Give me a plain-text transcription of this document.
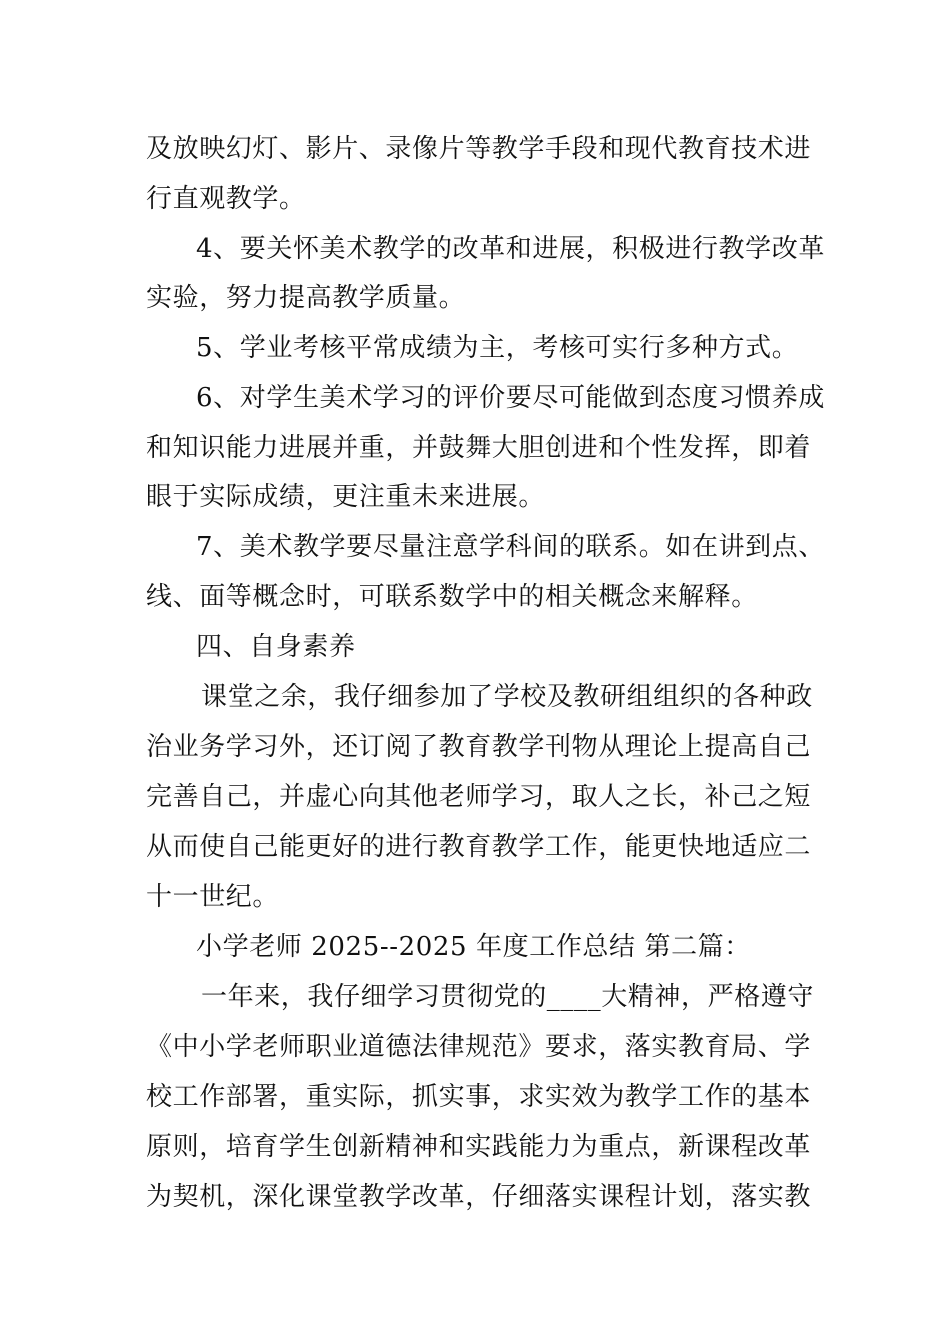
及放映幻灯、影片、录像片等教学手段和现代教育技术进
行直观教学。
4、要关怀美术教学的改革和进展，积极进行教学改革
实验，努力提高教学质量。
5、学业考核平常成绩为主，考核可实行多种方式。
6、对学生美术学习的评价要尽可能做到态度习惯养成
和知识能力进展并重，并鼓舞大胆创进和个性发挥，即着
眼于实际成绩，更注重未来进展。
7、美术教学要尽量注意学科间的联系。如在讲到点、
线、面等概念时，可联系数学中的相关概念来解释。
四、自身素养
课堂之余，我仔细参加了学校及教研组组织的各种政
治业务学习外，还订阅了教育教学刊物从理论上提高自己
完善自己，并虚心向其他老师学习，取人之长，补己之短
从而使自己能更好的进行教育教学工作，能更快地适应二
十一世纪。
小学老师 2025--2025 年度工作总结 第二篇：
一年来，我仔细学习贯彻党的____大精神，严格遵守
《中小学老师职业道德法律规范》要求，落实教育局、学
校工作部署，重实际，抓实事，求实效为教学工作的基本
原则，培育学生创新精神和实践能力为重点，新课程改革
为契机，深化课堂教学改革，仔细落实课程计划，落实教
